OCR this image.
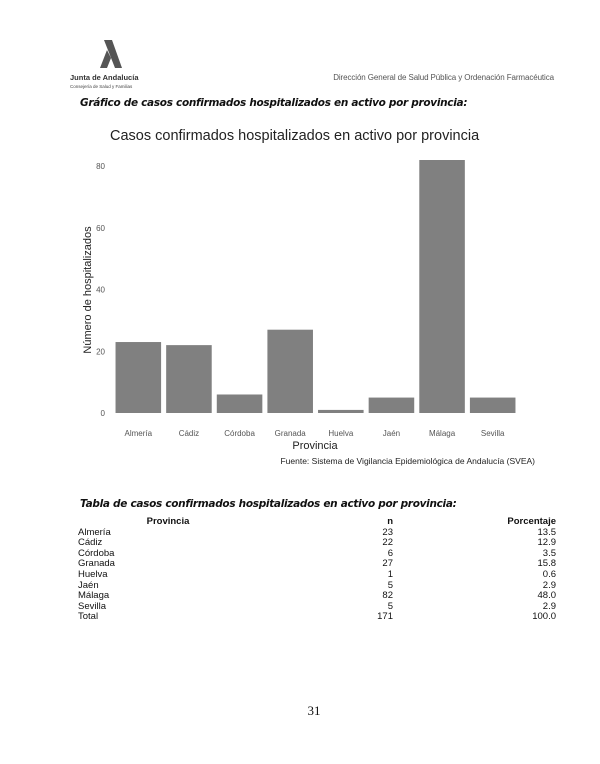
Junta de Andalucía
Consejería de Salud y Familias
Dirección General de Salud Pública y Ordenación Farmacéutica
Gráfico de casos confirmados hospitalizados en activo por provincia:
Casos confirmados hospitalizados en activo por provincia
0
20
40
60
80
Almería	Cádiz	Córdoba Granada	Huelva	Jaén	Málaga	Sevilla
Provincia
Número de hospitalizados
Fuente: Sistema de Vigilancia Epidemiológica de Andalucía (SVEA)
Tabla de casos confirmados hospitalizados en activo por provincia:
Provincia	n	Porcentaje
Almería	23	13.5
Cádiz	22	12.9
Córdoba	6	3.5
Granada	27	15.8
Huelva	1	0.6
Jaén	5	2.9
Málaga	82	48.0
Sevilla	5	2.9
Total	171	100.0
31
